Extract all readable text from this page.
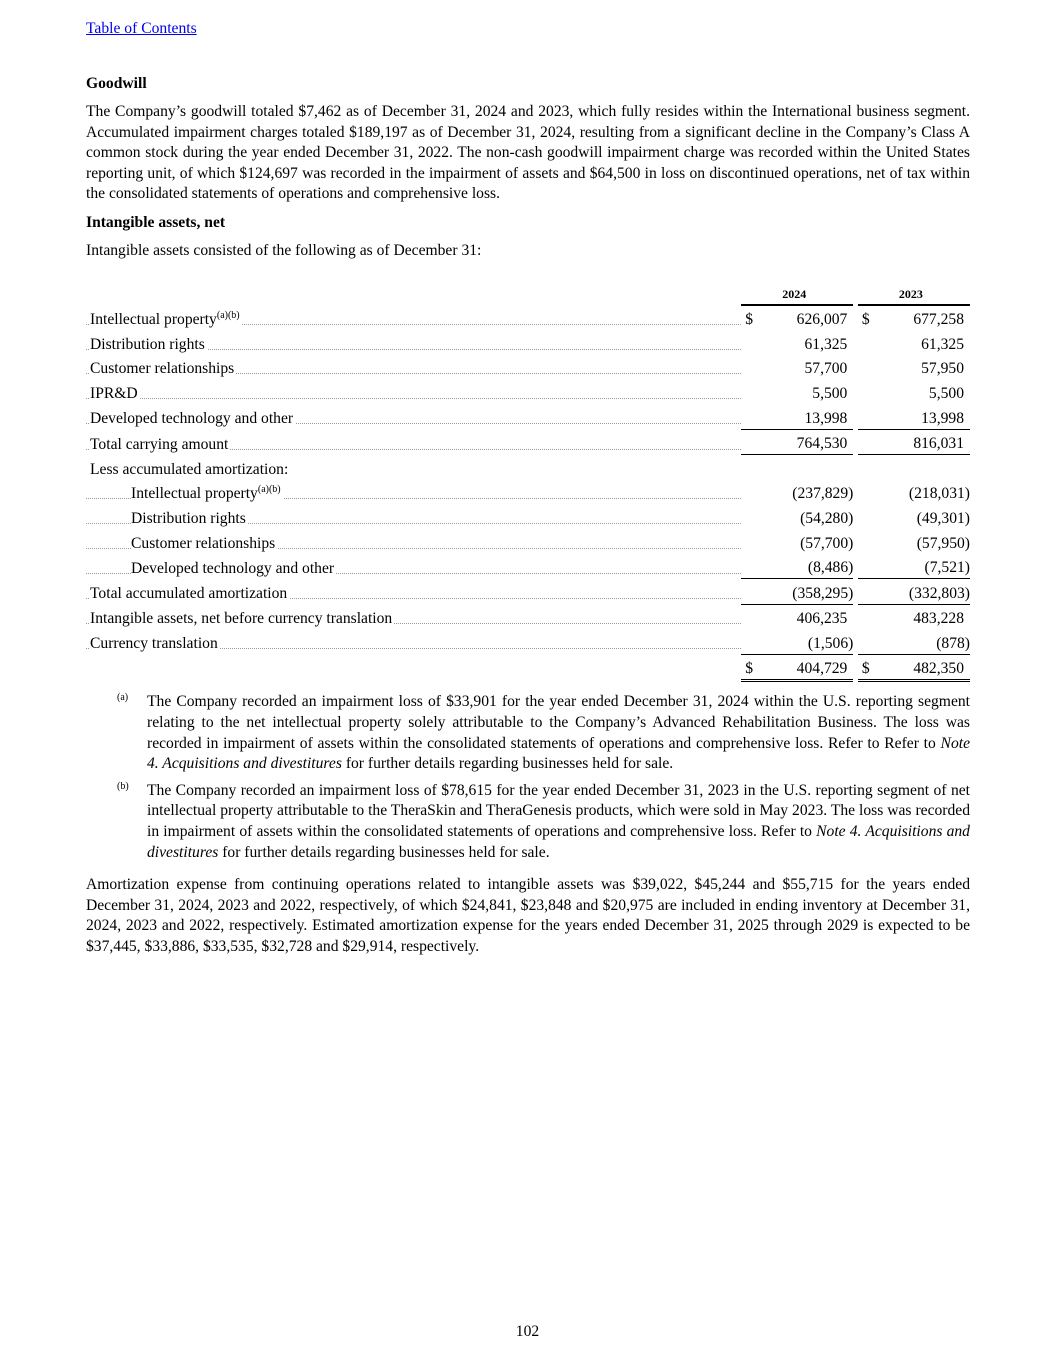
Table of Contents
Goodwill

The Company’s goodwill totaled $7,462 as of December 31, 2024 and 2023, which fully resides within the International business segment. Accumulated impairment charges totaled $189,197 as of December 31, 2024, resulting from a significant decline in the Company’s Class A common stock during the year ended December 31, 2022. The non-cash goodwill impairment charge was recorded within the United States reporting unit, of which $124,697 was recorded in the impairment of assets and $64,500 in loss on discontinued operations, net of tax within the consolidated statements of operations and comprehensive loss.

Intangible assets, net

Intangible assets consisted of the following as of December 31:

	2024		2023

Intellectual property$^{(a)(b)}$	$ 626,007		$ 677,258

Distribution rights	61,325		61,325

Customer relationships	57,700		57,950

IPR&D	5,500		5,500

Developed technology and other	13,998		13,998

Total carrying amount	764,530		816,031
Less accumulated amortization:			

Intellectual property$^{(a)(b)}$	(237,829)		(218,031)

Distribution rights	(54,280)		(49,301)

Customer relationships	(57,700)		(57,950)

Developed technology and other	(8,486)		(7,521)

Total accumulated amortization	(358,295)		(332,803)

Intangible assets, net before currency translation	406,235		483,228

Currency translation	(1,506)		(878)

	$ 404,729		$ 482,350
(a) The Company recorded an impairment loss of $33,901 for the year ended December 31, 2024 within the U.S. reporting segment relating to the net intellectual property solely attributable to the Company’s Advanced Rehabilitation Business. The loss was recorded in impairment of assets within the consolidated statements of operations and comprehensive loss. Refer to Refer to Note 4. Acquisitions and divestitures for further details regarding businesses held for sale.
(b) The Company recorded an impairment loss of $78,615 for the year ended December 31, 2023 in the U.S. reporting segment of net intellectual property attributable to the TheraSkin and TheraGenesis products, which were sold in May 2023. The loss was recorded in impairment of assets within the consolidated statements of operations and comprehensive loss. Refer to Note 4. Acquisitions and divestitures for further details regarding businesses held for sale.

Amortization expense from continuing operations related to intangible assets was $39,022, $45,244 and $55,715 for the years ended December 31, 2024, 2023 and 2022, respectively, of which $24,841, $23,848 and $20,975 are included in ending inventory at December 31, 2024, 2023 and 2022, respectively. Estimated amortization expense for the years ended December 31, 2025 through 2029 is expected to be $37,445, $33,886, $33,535, $32,728 and $29,914, respectively.

102
